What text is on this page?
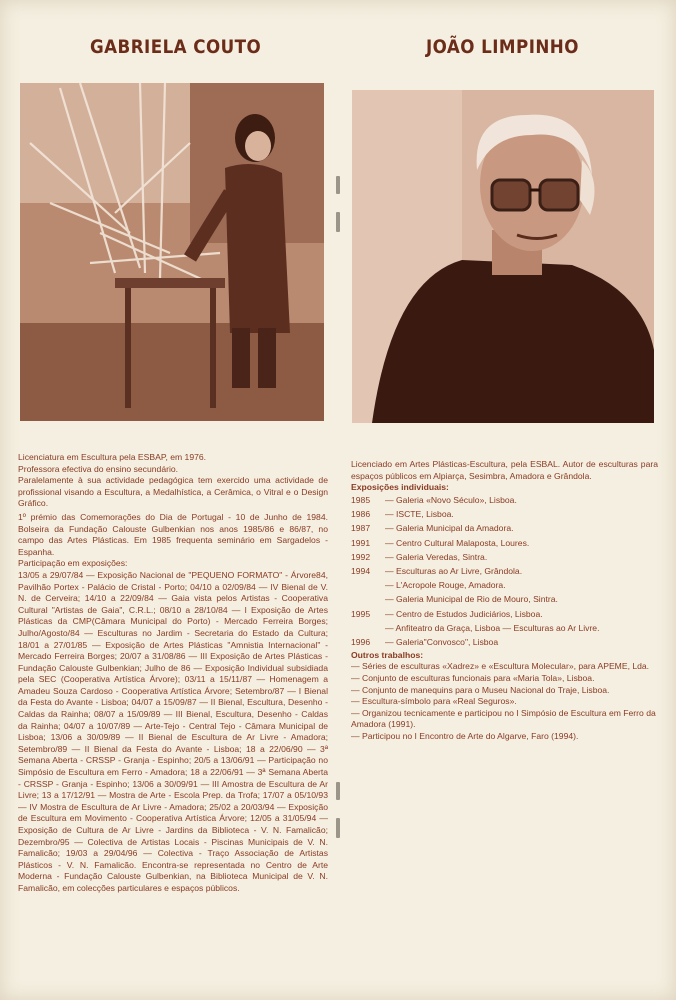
GABRIELA COUTO	JOÃO LIMPINHO

Licenciatura em Escultura pela ESBAP, em 1976.

Professora efectiva do ensino secundário.

Paralelamente à sua actividade pedagógica tem exercido uma actividade de profissional visando a Escultura, a Medalhística, a Cerâmica, o Vitral e o Design Gráfico.

1º prémio das Comemorações do Dia de Portugal - 10 de Junho de 1984. Bolseira da Fundação Calouste Gulbenkian nos anos 1985/86 e 86/87, no campo das Artes Plásticas. Em 1985 frequenta seminário em Sargadelos - Espanha.

Participação em exposições:

13/05 a 29/07/84 — Exposição Nacional de "PEQUENO FORMATO" - Árvore84, Pavilhão Portex - Palácio de Cristal - Porto; 04/10 a 02/09/84 — IV Bienal de V. N. de Cerveira; 14/10 a 22/09/84 — Gaia vista pelos Artistas - Cooperativa Cultural "Artistas de Gaia", C.R.L.; 08/10 a 28/10/84 — I Exposição de Artes Plásticas da CMP(Câmara Municipal do Porto) - Mercado Ferreira Borges; Julho/Agosto/84 — Esculturas no Jardim - Secretaria do Estado da Cultura; 18/01 a 27/01/85 — Exposição de Artes Plásticas "Amnistia Internacional" - Mercado Ferreira Borges; 20/07 a 31/08/86 — III Exposição de Artes Plásticas - Fundação Calouste Gulbenkian; Julho de 86 — Exposição Individual subsidiada pela SEC (Cooperativa Artística Árvore); 03/11 a 15/11/87 — Homenagem a Amadeu Souza Cardoso - Cooperativa Artística Árvore; Setembro/87 — I Bienal da Festa do Avante - Lisboa; 04/07 a 15/09/87 — II Bienal, Escultura, Desenho - Caldas da Rainha; 08/07 a 15/09/89 — III Bienal, Escultura, Desenho - Caldas da Rainha; 04/07 a 10/07/89 — Arte-Tejo - Central Tejo - Câmara Municipal de Lisboa; 13/06 a 30/09/89 — II Bienal de Escultura de Ar Livre - Amadora; Setembro/89 — II Bienal da Festa do Avante - Lisboa; 18 a 22/06/90 — 3ª Semana Aberta - CRSSP - Granja - Espinho; 20/5 a 13/06/91 — Participação no Simpósio de Escultura em Ferro - Amadora; 18 a 22/06/91 — 3ª Semana Aberta - CRSSP - Granja - Espinho; 13/06 a 30/09/91 — III Amostra de Escultura de Ar Livre; 13 a 17/12/91 — Mostra de Arte - Escola Prep. da Trofa; 17/07 a 05/10/93 — IV Mostra de Escultura de Ar Livre - Amadora; 25/02 a 20/03/94 — Exposição de Escultura em Movimento - Cooperativa Artística Árvore; 12/05 a 31/05/94 —Exposição de Cultura de Ar Livre - Jardins da Biblioteca - V. N. Famalicão; Dezembro/95 — Colectiva de Artistas Locais - Piscinas Municipais de V. N. Famalicão; 19/03 a 29/04/96 — Colectiva - Traço Associação de Artistas Plásticos - V. N. Famalicão. Encontra-se representada no Centro de Arte Moderna - Fundação Calouste Gulbenkian, na Biblioteca Municipal de V. N. Famalicão, em colecções particulares e espaços públicos.

Licenciado em Artes Plásticas-Escultura, pela ESBAL. Autor de esculturas para espaços públicos em Alpiarça, Sesimbra, Amadora e Grândola.

Exposições individuais:

1985	— Galeria «Novo Século», Lisboa.
1986	— ISCTE, Lisboa.
1987	— Galeria Municipal da Amadora.
1991	— Centro Cultural Malaposta, Loures.
1992	— Galeria Veredas, Sintra.
1994	— Esculturas ao Ar Livre, Grândola.
— L'Acropole Rouge, Amadora.
— Galeria Municipal de Rio de Mouro, Sintra.
1995	— Centro de Estudos Judiciários, Lisboa.
— Anfiteatro da Graça, Lisboa — Esculturas ao Ar Livre.
1996	— Galeria"Convosco", Lisboa

Outros trabalhos:

— Séries de esculturas «Xadrez» e «Escultura Molecular», para APEME, Lda.

— Conjunto de esculturas funcionais para «Maria Tola», Lisboa.

— Conjunto de manequins para o Museu Nacional do Traje, Lisboa.

— Escultura-símbolo para «Real Seguros».

— Organizou tecnicamente e participou no I Simpósio de Escultura em Ferro da Amadora (1991).

— Participou no I Encontro de Arte do Algarve, Faro (1994).
